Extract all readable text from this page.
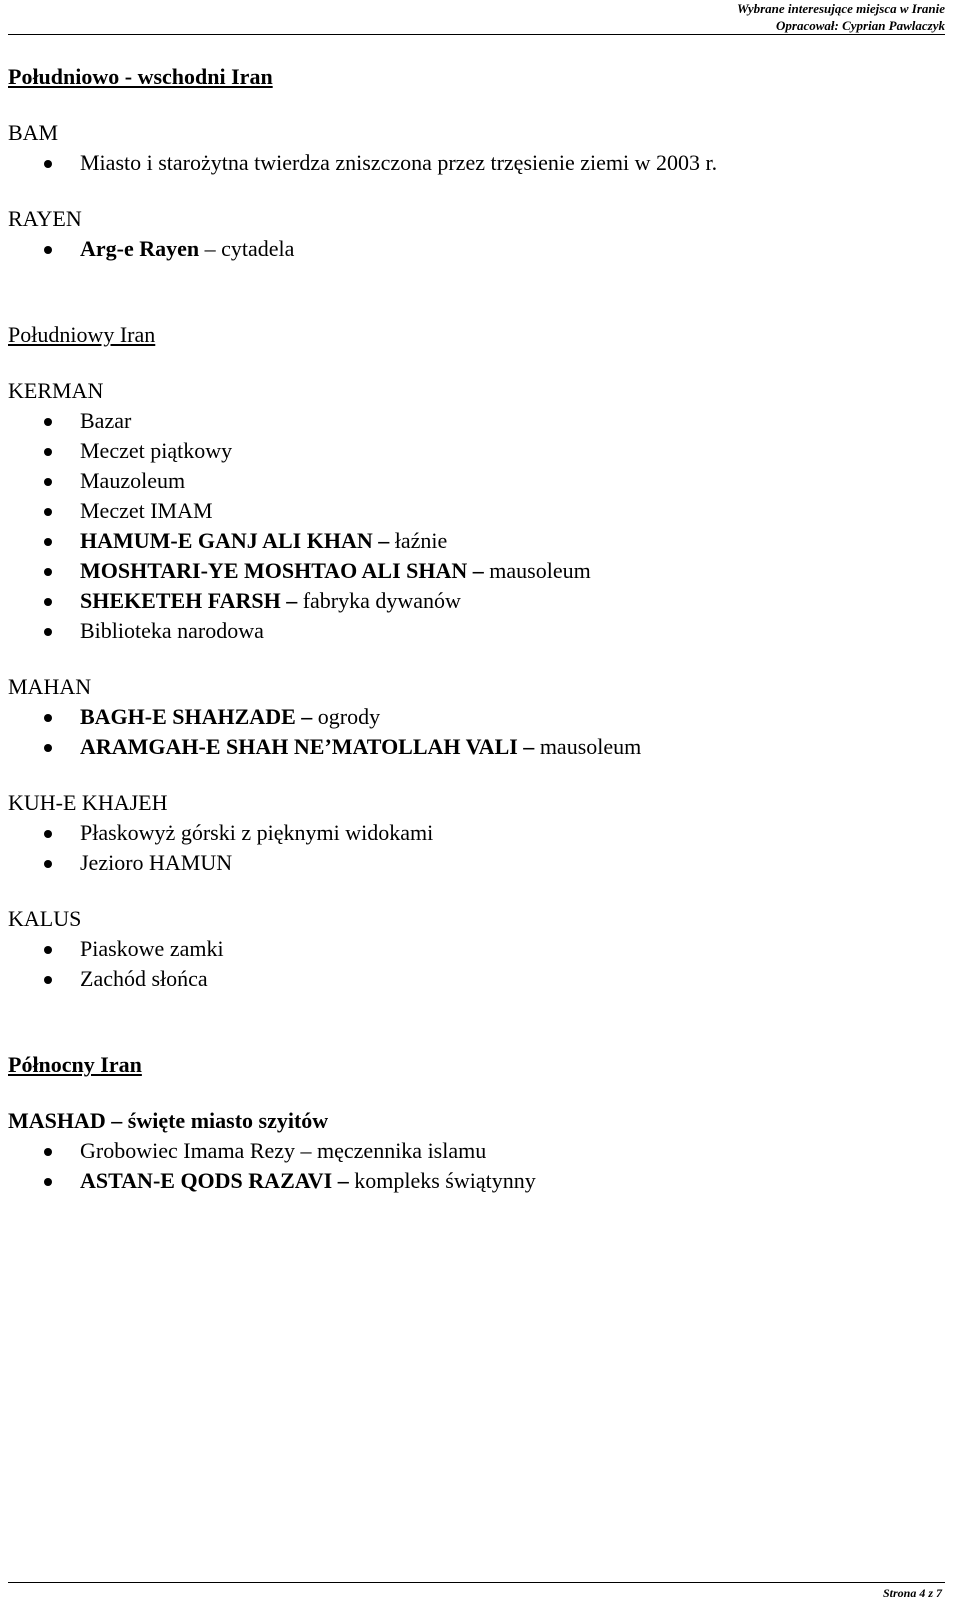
Wybrane interesujące miejsca w Iranie
Opracował: Cyprian Pawlaczyk
Południowo - wschodni Iran
BAM
Miasto i starożytna twierdza zniszczona przez trzęsienie ziemi w 2003 r.
RAYEN
Arg-e Rayen – cytadela
Południowy Iran
KERMAN
Bazar
Meczet piątkowy
Mauzoleum
Meczet IMAM
HAMUM-E GANJ ALI KHAN – łaźnie
MOSHTARI-YE MOSHTAO ALI SHAN – mausoleum
SHEKETEH FARSH – fabryka dywanów
Biblioteka narodowa
MAHAN
BAGH-E SHAHZADE – ogrody
ARAMGAH-E SHAH NE’MATOLLAH VALI – mausoleum
KUH-E KHAJEH
Płaskowyż górski z pięknymi widokami
Jezioro HAMUN
KALUS
Piaskowe zamki
Zachód słońca
Północny Iran
MASHAD – święte miasto szyitów
Grobowiec Imama Rezy – męczennika islamu
ASTAN-E QODS RAZAVI – kompleks świątynny
Strona 4 z 7
